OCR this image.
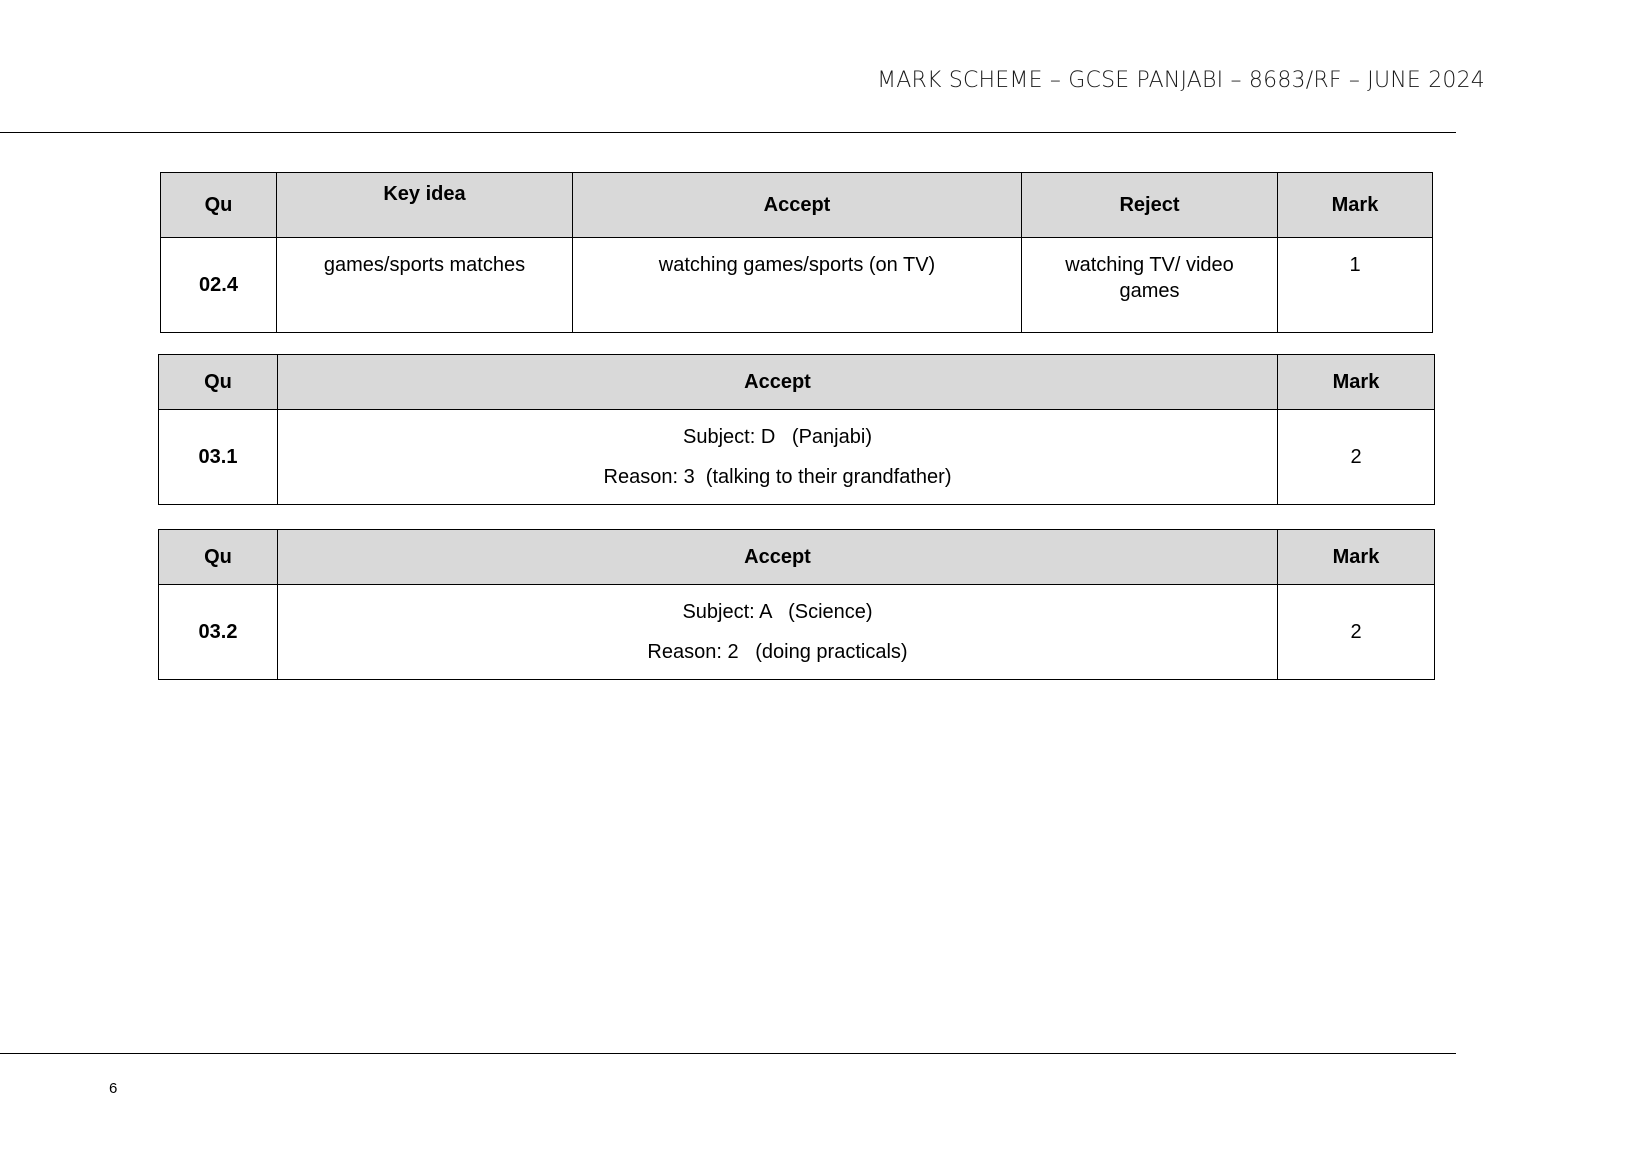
MARK SCHEME – GCSE PANJABI – 8683/RF – JUNE 2024
Qu	Key idea	Accept	Reject	Mark
02.4	games/sports matches	watching games/sports (on TV)	watching TV/ video games	1
Qu	Accept	Mark
03.1	Subject: D   (Panjabi)
Reason: 3  (talking to their grandfather)	2
Qu	Accept	Mark
03.2	Subject: A   (Science)
Reason: 2   (doing practicals)	2
6
